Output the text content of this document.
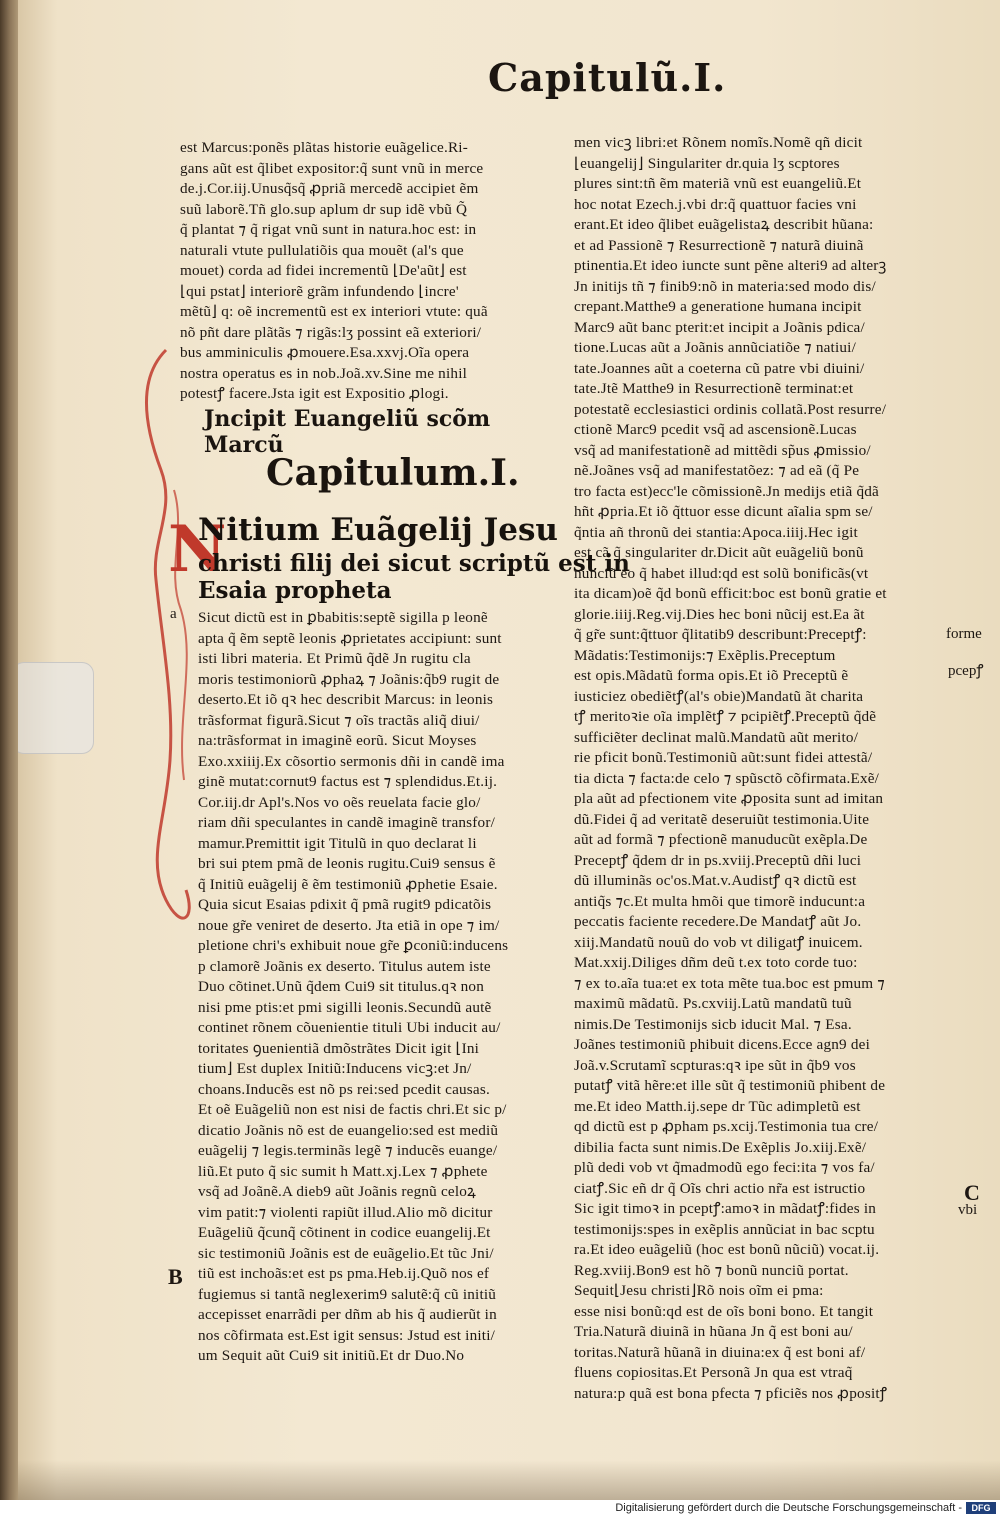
Capitulũ.I.
est Marcus:ponẽs plãtas historie euãgelice.Ri-
gans aũt est q̃libet expositor:q̃ sunt vnũ in merce
de.j.Cor.iij.Unusq̃sq̃ ꝓpriã mercedẽ accipiet ẽm
suũ laborẽ.Tñ glo.sup aplum dr sup idẽ vbũ Q̃
q̃ plantat ⁊ q̃ rigat vnũ sunt in natura.hoc est: in
naturali vtute pullulatiõis qua mouẽt (al's que
mouet) corda ad fidei incrementũ ⌊De'aũt⌋ est
⌊qui pstat⌋ interiorẽ grãm infundendo ⌊incre'
mẽtũ⌋ q: oẽ incrementũ est ex interiori vtute: quã
nõ pñt dare plãtãs ⁊ rigãs:lʒ possint eã exteriori/
bus amminiculis ꝓmouere.Esa.xxvj.Oĩa opera
nostra operatus es in nob.Joã.xv.Sine me nihil
potestꝭ facere.Jsta igit est Expositio ꝓlogi.
Jncipit Euangeliũ scõm Marcũ
Capitulum.I.
N
Nitium Euãgelij Jesu
christi filij dei sicut scriptũ est in
Esaia propheta
Sicut dictũ est in ꝑbabitis:septẽ sigilla p leonẽ
apta q̃ ẽm septẽ leonis ꝓprietates accipiunt: sunt
isti libri materia. Et Primũ q̃dẽ Jn rugitu cla
moris testimoniorũ ꝓphaꝝ ⁊ Joãnis:q̃b9 rugit de
deserto.Et iõ qꝛ hec describit Marcus: in leonis
trãsformat figurã.Sicut ⁊ oĩs tractãs aliq̃ diui/
na:trãsformat in imaginẽ eorũ. Sicut Moyses
Exo.xxiiij.Ex cõsortio sermonis dñi in candẽ ima
ginẽ mutat:cornut9 factus est ⁊ splendidus.Et.ij.
Cor.iij.dr Apl's.Nos vo oẽs reuelata facie glo/
riam dñi speculantes in candẽ imaginẽ transfor/
mamur.Premittit igit Titulũ in quo declarat li
bri sui ptem pmã de leonis rugitu.Cui9 sensus ẽ
q̃ Initiũ euãgelij ẽ ẽm testimoniũ ꝓphetie Esaie.
Quia sicut Esaias pdixit q̃ pmã rugit9 pdicatõis
noue gr̃e veniret de deserto. Jta etiã in ope ⁊ im/
pletione chri's exhibuit noue gr̃e ꝑconiũ:inducens
p clamorẽ Joãnis ex deserto. Titulus autem iste
Duo cõtinet.Unũ q̃dem Cui9 sit titulus.qꝛ non
nisi pme ptis:et pmi sigilli leonis.Secundũ autẽ
continet rõnem cõuenientie tituli Ubi inducit au/
toritates ꝯuenientiã dmõstrãtes Dicit igit ⌊Ini
tium⌋ Est duplex Initiũ:Inducens vicꝫ:et Jn/
choans.Inducẽs est nõ ps rei:sed pcedit causas.
Et oẽ Euãgeliũ non est nisi de factis chri.Et sic p/
dicatio Joãnis nõ est de euangelio:sed est mediũ
euãgelij ⁊ legis.terminãs legẽ ⁊ inducẽs euange/
liũ.Et puto q̃ sic sumit h Matt.xj.Lex ⁊ ꝓphete
vsq̃ ad Joãnẽ.A dieb9 aũt Joãnis regnũ celoꝝ
vim patit:⁊ violenti rapiũt illud.Alio mõ dicitur
Euãgeliũ q̃cunq̃ cõtinent in codice euangelij.Et
sic testimoniũ Joãnis est de euãgelio.Et tũc Jni/
tiũ est inchoãs:et est ps pma.Heb.ij.Quõ nos ef
fugiemus si tantã neglexerim9 salutẽ:q̃ cũ initiũ
accepisset enarrãdi per dñm ab his q̃ audierũt in
nos cõfirmata est.Est igit sensus: Jstud est initi/
um Sequit aũt Cui9 sit initiũ.Et dr Duo.No
men vicꝫ libri:et Rõnem nomĩs.Nomẽ qñ dicit
⌊euangelij⌋ Singulariter dr.quia lʒ scptores
plures sint:tñ ẽm materiã vnũ est euangeliũ.Et
hoc notat Ezech.j.vbi dr:q̃ quattuor facies vni
erant.Et ideo q̃libet euãgelistaꝝ describit hũana:
et ad Passionẽ ⁊ Resurrectionẽ ⁊ naturã diuinã
ptinentia.Et ideo iuncte sunt pẽne alteri9 ad alterꝫ
Jn initijs tñ ⁊ finib9:nõ in materia:sed modo dis/
crepant.Matthe9 a generatione humana incipit
Marc9 aũt banc pterit:et incipit a Joãnis pdica/
tione.Lucas aũt a Joãnis annũciatiõe ⁊ natiui/
tate.Joannes aũt a coeterna cũ patre vbi diuini/
tate.Jtẽ Matthe9 in Resurrectionẽ terminat:et
potestatẽ ecclesiastici ordinis collatã.Post resurre/
ctionẽ Marc9 pcedit vsq̃ ad ascensionẽ.Lucas
vsq̃ ad manifestationẽ ad mittẽdi sp̃us ꝓmissio/
nẽ.Joãnes vsq̃ ad manifestatõez: ⁊ ad eã (q̃ Pe
tro facta est)ecc'le cõmissionẽ.Jn medijs etiã q̃dã
hñt ꝓpria.Et iõ q̃ttuor esse dicunt aĩalia spm se/
q̃ntia añ thronũ dei stantia:Apoca.iiij.Hec igit
est cã q̃ singulariter dr.Dicit aũt euãgeliũ bonũ
nunciũ eo q̃ habet illud:qd est solũ bonificãs(vt
ita dicam)oẽ q̃d bonũ efficit:boc est bonũ gratie et
glorie.iiij.Reg.vij.Dies hec boni nũcij est.Ea ãt
q̃ gr̃e sunt:q̃ttuor q̃litatib9 describunt:Preceptꝭ:
Mãdatis:Testimonijs:⁊ Exẽplis.Preceptum
est opis.Mãdatũ forma opis.Et iõ Preceptũ ẽ
iusticiez obediẽtꝭ(al's obie)Mandatũ ãt charita
tꝭ meritoꝛie oĩa implẽtꝭ ⁊ pcipiẽtꝭ.Preceptũ q̃dẽ
sufficiẽter declinat malũ.Mandatũ aũt merito/
rie pficit bonũ.Testimoniũ aũt:sunt fidei attestã/
tia dicta ⁊ facta:de celo ⁊ spũsctõ cõfirmata.Exẽ/
pla aũt ad pfectionem vite ꝓposita sunt ad imitan
dũ.Fidei q̃ ad veritatẽ deseruiũt testimonia.Uite
aũt ad formã ⁊ pfectionẽ manuducũt exẽpla.De
Preceptꝭ q̃dem dr in ps.xviij.Preceptũ dñi luci
dũ illuminãs oc'os.Mat.v.Audistꝭ qꝛ dictũ est
antiq̃s ⁊c.Et multa hmõi que timorẽ inducunt:a
peccatis faciente recedere.De Mandatꝭ aũt Jo.
xiij.Mandatũ nouũ do vob vt diligatꝭ inuicem.
Mat.xxij.Diliges dñm deũ t.ex toto corde tuo:
⁊ ex to.aĩa tua:et ex tota mẽte tua.boc est pmum ⁊
maximũ mãdatũ. Ps.cxviij.Latũ mandatũ tuũ
nimis.De Testimonijs sicb iducit Mal. ⁊ Esa.
Joãnes testimoniũ phibuit dicens.Ecce agn9 dei
Joã.v.Scrutamĩ scpturas:qꝛ ipe sũt in q̃b9 vos
putatꝭ vitã hẽre:et ille sũt q̃ testimoniũ phibent de
me.Et ideo Matth.ij.sepe dr Tũc adimpletũ est
qd dictũ est p ꝓpham ps.xcij.Testimonia tua cre/
dibilia facta sunt nimis.De Exẽplis Jo.xiij.Exẽ/
plũ dedi vob vt q̃madmodũ ego feci:ita ⁊ vos fa/
ciatꝭ.Sic eñ dr q̃ Oĩs chri actio nr̃a est istructio
Sic igit timoꝛ in pceptꝭ:amoꝛ in mãdatꝭ:fides in
testimonijs:spes in exẽplis annũciat in bac scptu
ra.Et ideo euãgeliũ (hoc est bonũ nũciũ) vocat.ij.
Reg.xviij.Bon9 est hõ ⁊ bonũ nunciũ portat.
Sequit⌊Jesu christi⌋Rõ nois oĩm ei pma:
esse nisi bonũ:qd est de oĩs boni bono. Et tangit
Tria.Naturã diuinã in hũana Jn q̃ est boni au/
toritas.Naturã hũanã in diuina:ex q̃ est boni af/
fluens copiositas.Et Personã Jn qua est vtraq̃
natura:p quã est bona pfecta ⁊ pficiẽs nos ꝓpositꝭ
a
B
forme
pcepꝭ
C
vbi
Digitalisierung gefördert durch die Deutsche Forschungsgemeinschaft -	DFG
